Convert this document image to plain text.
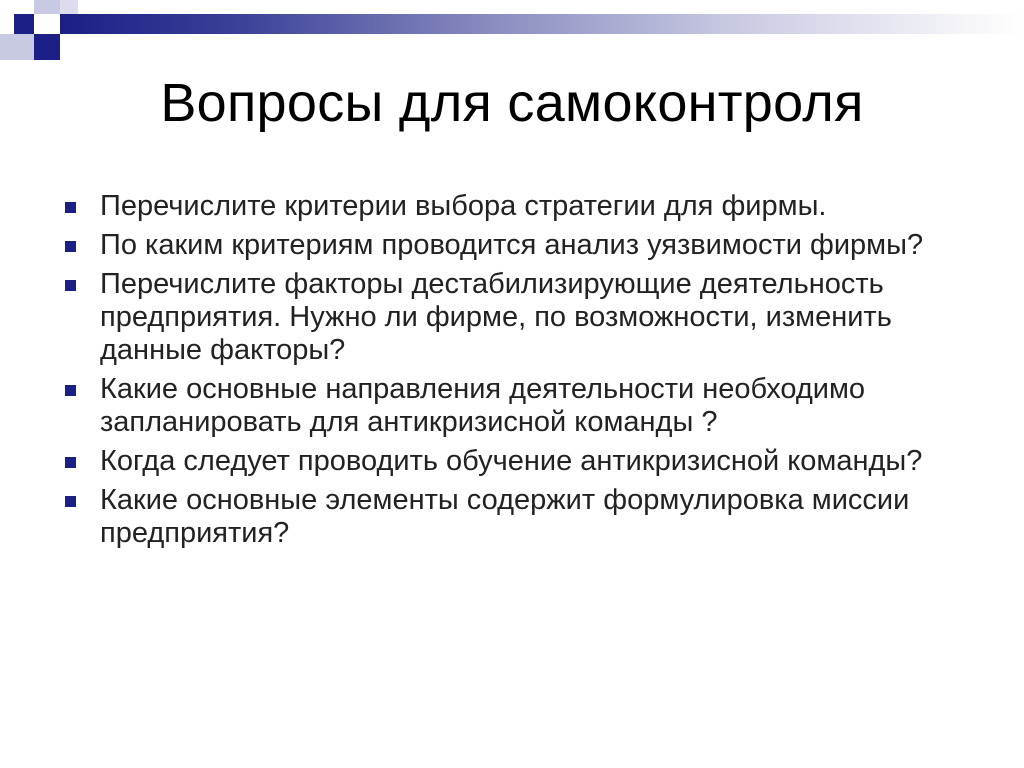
Вопросы для самоконтроля
Перечислите критерии выбора стратегии для фирмы.
По каким критериям проводится анализ уязвимости фирмы?
Перечислите факторы дестабилизирующие деятельность предприятия. Нужно ли фирме, по возможности, изменить данные факторы?
Какие основные направления деятельности необходимо запланировать для антикризисной команды ?
Когда следует проводить обучение антикризисной команды?
Какие основные элементы содержит формулировка миссии предприятия?
